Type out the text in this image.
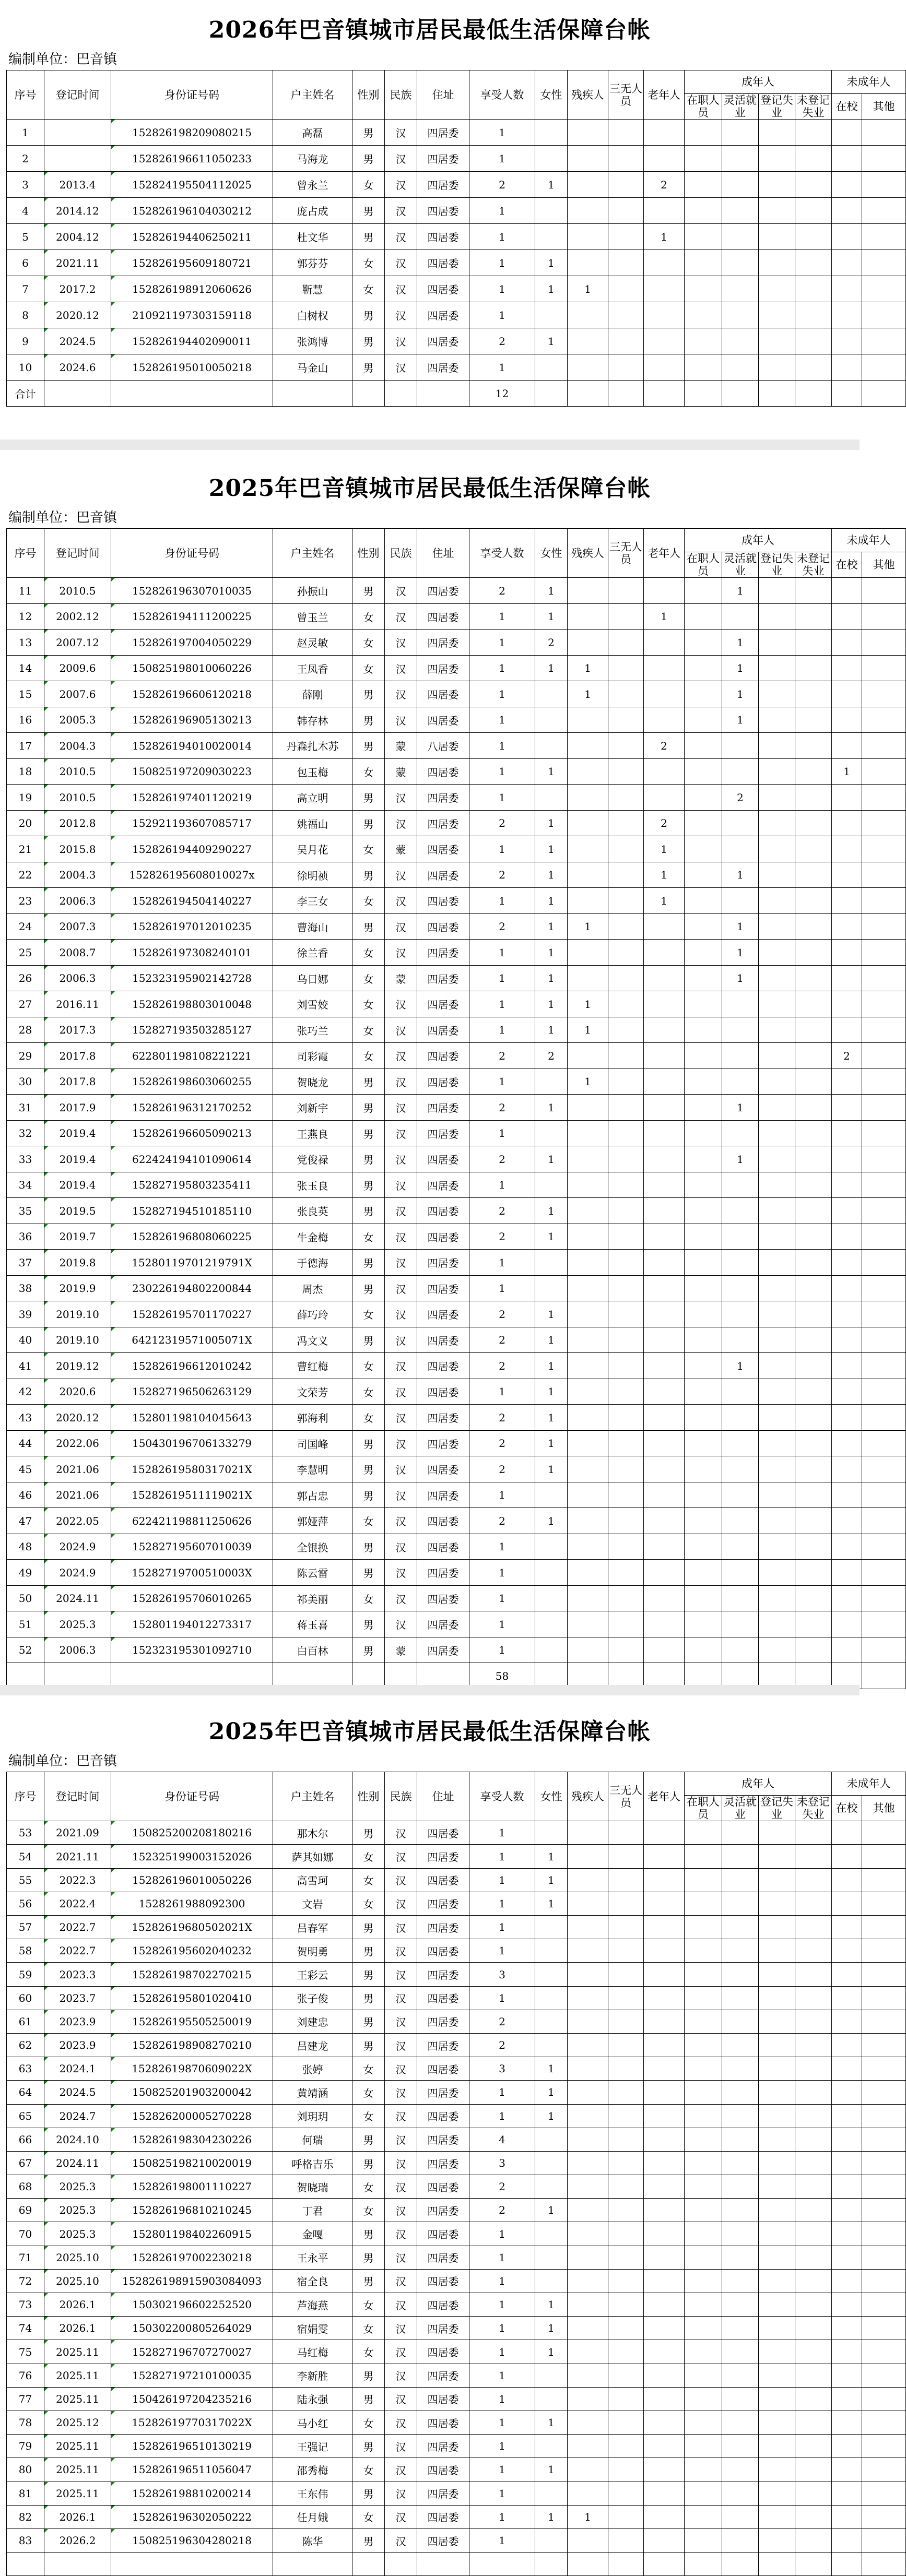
2026年巴音镇城市居民最低生活保障台帐
编制单位：巴音镇
序号	登记时间	身份证号码	户主姓名	性别	民族	住址	享受人数	女性	残疾人	三无人员	老年人	成年人				未成年人	
												在职人员	灵活就业	登记失业	未登记失业	在校	其他
1		152826198209080215	高磊	男	汉	四居委	1										
2		152826196611050233	马海龙	男	汉	四居委	1										
3	2013.4	152824195504112025	曾永兰	女	汉	四居委	2	1			2						
4	2014.12	152826196104030212	庞占成	男	汉	四居委	1										
5	2004.12	152826194406250211	杜文华	男	汉	四居委	1				1						
6	2021.11	152826195609180721	郭芬芬	女	汉	四居委	1	1									
7	2017.2	152826198912060626	靳慧	女	汉	四居委	1	1	1								
8	2020.12	210921197303159118	白树权	男	汉	四居委	1										
9	2024.5	152826194402090011	张鸿博	男	汉	四居委	2	1									
10	2024.6	152826195010050218	马金山	男	汉	四居委	1										
合计							12										
2025年巴音镇城市居民最低生活保障台帐
编制单位：巴音镇
序号	登记时间	身份证号码	户主姓名	性别	民族	住址	享受人数	女性	残疾人	三无人员	老年人	成年人				未成年人	
												在职人员	灵活就业	登记失业	未登记失业	在校	其他
11	2010.5	152826196307010035	孙振山	男	汉	四居委	2	1					1				
12	2002.12	152826194111200225	曾玉兰	女	汉	四居委	1	1			1						
13	2007.12	152826197004050229	赵灵敏	女	汉	四居委	1	2					1				
14	2009.6	150825198010060226	王凤香	女	汉	四居委	1	1	1				1				
15	2007.6	152826196606120218	薛刚	男	汉	四居委	1		1				1				
16	2005.3	152826196905130213	韩存林	男	汉	四居委	1						1				
17	2004.3	152826194010020014	丹森扎木苏	男	蒙	八居委	1				2						
18	2010.5	150825197209030223	包玉梅	女	蒙	四居委	1	1								1	
19	2010.5	152826197401120219	高立明	男	汉	四居委	1						2				
20	2012.8	152921193607085717	姚福山	男	汉	四居委	2	1			2						
21	2015.8	152826194409290227	吴月花	女	蒙	四居委	1	1			1						
22	2004.3	152826195608010027x	徐明祯	男	汉	四居委	2	1			1		1				
23	2006.3	152826194504140227	李三女	女	汉	四居委	1	1			1						
24	2007.3	152826197012010235	曹海山	男	汉	四居委	2	1	1				1				
25	2008.7	152826197308240101	徐兰香	女	汉	四居委	1	1					1				
26	2006.3	152323195902142728	乌日娜	女	蒙	四居委	1	1					1				
27	2016.11	152826198803010048	刘雪姣	女	汉	四居委	1	1	1								
28	2017.3	152827193503285127	张巧兰	女	汉	四居委	1	1	1								
29	2017.8	622801198108221221	司彩霞	女	汉	四居委	2	2								2	
30	2017.8	152826198603060255	贺晓龙	男	汉	四居委	1		1								
31	2017.9	152826196312170252	刘新宇	男	汉	四居委	2	1					1				
32	2019.4	152826196605090213	王燕良	男	汉	四居委	1										
33	2019.4	622424194101090614	党俊禄	男	汉	四居委	2	1					1				
34	2019.4	152827195803235411	张玉良	男	汉	四居委	1										
35	2019.5	152827194510185110	张良英	男	汉	四居委	2	1									
36	2019.7	152826196808060225	牛金梅	女	汉	四居委	2	1									
37	2019.8	15280119701219791X	于德海	男	汉	四居委	1										
38	2019.9	230226194802200844	周杰	男	汉	四居委	1										
39	2019.10	152826195701170227	薛巧玲	女	汉	四居委	2	1									
40	2019.10	64212319571005071X	冯文义	男	汉	四居委	2	1									
41	2019.12	152826196612010242	曹红梅	女	汉	四居委	2	1					1				
42	2020.6	15282719650626312​9	文荣芳	女	汉	四居委	1	1									
43	2020.12	152801198104045643	郭海利	女	汉	四居委	2	1									
44	2022.06	150430196706133279	司国峰	男	汉	四居委	2	1									
45	2021.06	152826195803170​21X	李慧明	男	汉	四居委	2	1									
46	2021.06	152826195111190​21X	郭占忠	男	汉	四居委	1										
47	2022.05	622421198811250626	郭娅萍	女	汉	四居委	2	1									
48	2024.9	152827195607010039	全银换	男	汉	四居委	1										
49	2024.9	15282719700510003X	陈云雷	男	汉	四居委	1										
50	2024.11	152826195706010265	祁美丽	女	汉	四居委	1										
51	2025.3	152801194012273317	蒋玉喜	男	汉	四居委	1										
52	2006.3	152323195301092710	白百林	男	蒙	四居委	1										
							58										
2025年巴音镇城市居民最低生活保障台帐
编制单位：巴音镇
序号	登记时间	身份证号码	户主姓名	性别	民族	住址	享受人数	女性	残疾人	三无人员	老年人	成年人				未成年人	
												在职人员	灵活就业	登记失业	未登记失业	在校	其他
53	2021.09	150825200208180216	那木尔	男	汉	四居委	1										
54	2021.11	152325199003152026	萨其如娜	女	汉	四居委	1	1									
55	2022.3	152826196010050226	高雪珂	女	汉	四居委	1	1									
56	2022.4	152826198809230​0	文岩	女	汉	四居委	1	1									
57	2022.7	152826196805020​21X	吕春军	男	汉	四居委	1										
58	2022.7	152826195602040232	贺明勇	男	汉	四居委	1										
59	2023.3	152826198702270215	王彩云	男	汉	四居委	3										
60	2023.7	152826195801020410	张子俊	男	汉	四居委	1										
61	2023.9	152826195505250019	刘建忠	男	汉	四居委	2										
62	2023.9	152826198908270210	吕建龙	男	汉	四居委	2										
63	2024.1	152826198706090​22X	张婷	女	汉	四居委	3	1									
64	2024.5	150825201903200042	黄靖涵	女	汉	四居委	1	1									
65	2024.7	152826200005270228	刘玥玥	女	汉	四居委	1	1									
66	2024.10	152826198304230226	何瑞	男	汉	四居委	4										
67	2024.11	150825198210020019	呼格吉乐	男	汉	四居委	3										
68	2025.3	152826198001110227	贺晓瑞	女	汉	四居委	2										
69	2025.3	152826196810210245	丁君	女	汉	四居委	2	1									
70	2025.3	152801198402260915	金嘎	男	汉	四居委	1										
71	2025.10	152826197002230218	王永平	男	汉	四居委	1										
72	2025.10	152826198915903084093	宿全良	男	汉	四居委	1										
73	2026.1	150302196602252520	芦海燕	女	汉	四居委	1	1									
74	2026.1	150302200805264029	宿娟雯	女	汉	四居委	1	1									
75	2025.11	152827196707270027	马红梅	女	汉	四居委	1	1									
76	2025.11	152827197210100035	李新胜	男	汉	四居委	1										
77	2025.11	150426197204235216	陆永强	男	汉	四居委	1										
78	2025.12	152826197703170​22X	马小红	女	汉	四居委	1	1									
79	2025.11	152826196510130219	王强记	男	汉	四居委	1										
80	2025.11	152826196511056047	邵秀梅	女	汉	四居委	1	1									
81	2025.11	152826198810200214	王东伟	男	汉	四居委	1										
82	2026.1	152826196302050222	任月娥	女	汉	四居委	1	1	1								
83	2026.2	150825196304280218	陈华	男	汉	四居委	1										
